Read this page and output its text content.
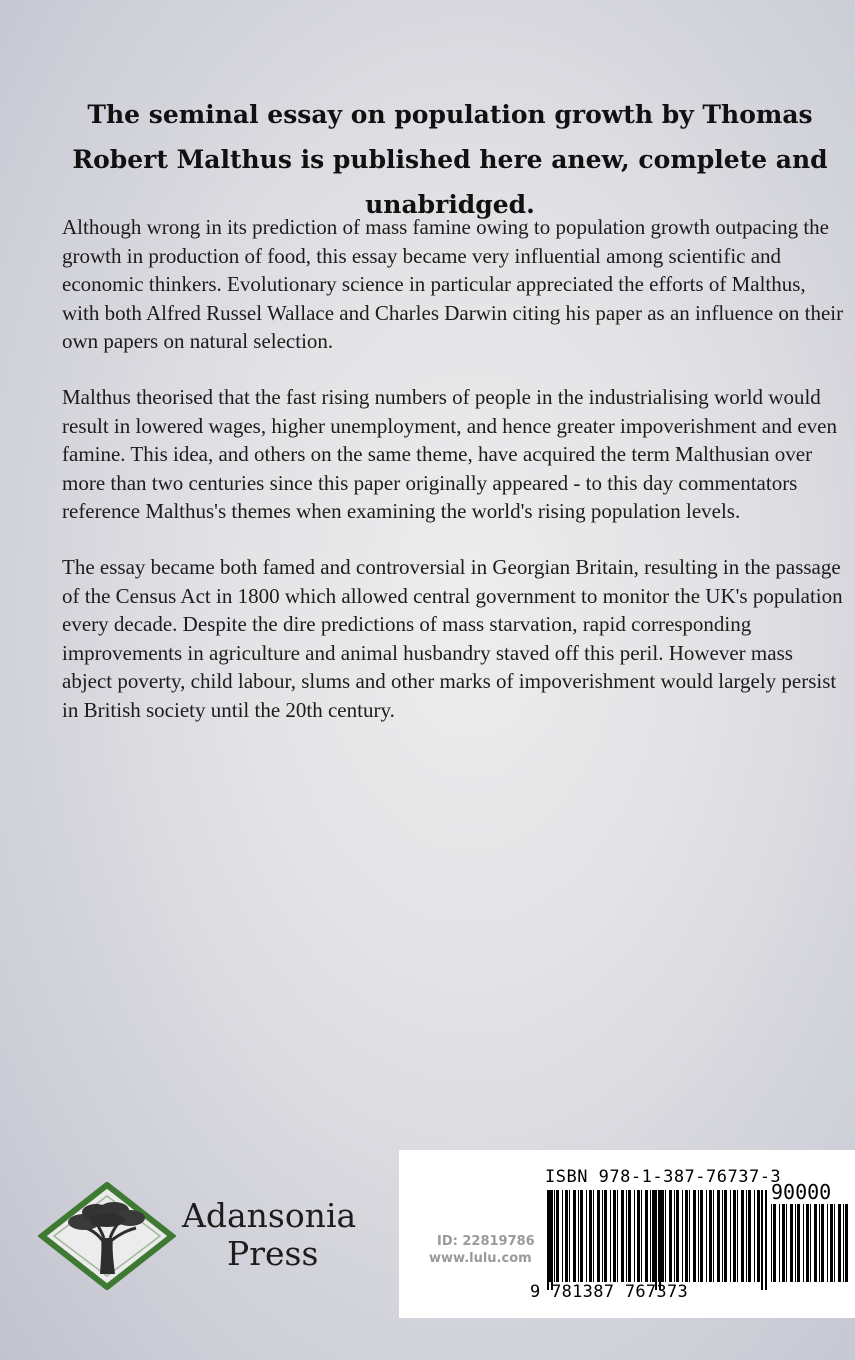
The seminal essay on population growth by Thomas Robert Malthus is published here anew, complete and unabridged.

Although wrong in its prediction of mass famine owing to population growth outpacing the growth in production of food, this essay became very influential among scientific and economic thinkers. Evolutionary science in particular appreciated the efforts of Malthus, with both Alfred Russel Wallace and Charles Darwin citing his paper as an influence on their own papers on natural selection.

Malthus theorised that the fast rising numbers of people in the industrialising world would result in lowered wages, higher unemployment, and hence greater impoverishment and even famine. This idea, and others on the same theme, have acquired the term Malthusian over more than two centuries since this paper originally appeared - to this day commentators reference Malthus's themes when examining the world's rising population levels.

The essay became both famed and controversial in Georgian Britain, resulting in the passage of the Census Act in 1800 which allowed central government to monitor the UK's population every decade. Despite the dire predictions of mass starvation, rapid corresponding improvements in agriculture and animal husbandry staved off this peril. However mass abject poverty, child labour, slums and other marks of impoverishment would largely persist in British society until the 20th century.

Adansonia
Press

ISBN 978-1-387-76737-3

90000

ID: 22819786

www.lulu.com

9 781387 767373
